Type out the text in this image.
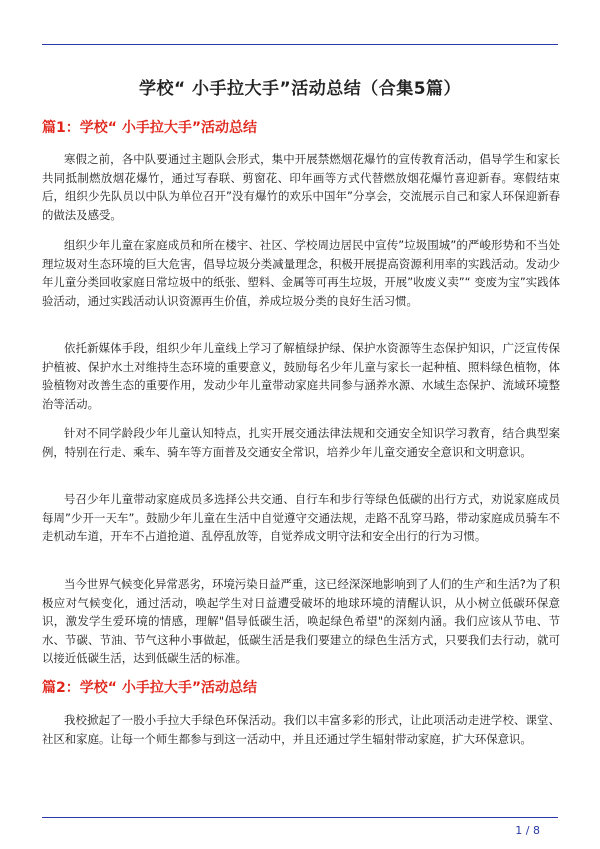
学校“ 小手拉大手”活动总结（合集5篇）
篇1：学校“ 小手拉大手”活动总结

寒假之前，各中队要通过主题队会形式，集中开展禁燃烟花爆竹的宣传教育活动，倡导学生和家长共同抵制燃放烟花爆竹，通过写春联、剪窗花、印年画等方式代替燃放烟花爆竹喜迎新春。寒假结束后，组织少先队员以中队为单位召开”没有爆竹的欢乐中国年”分享会，交流展示自己和家人环保迎新春的做法及感受。

组织少年儿童在家庭成员和所在楼宇、社区、学校周边居民中宣传”垃圾围城”的严峻形势和不当处理垃圾对生态环境的巨大危害，倡导垃圾分类减量理念，积极开展提高资源利用率的实践活动。发动少年儿童分类回收家庭日常垃圾中的纸张、塑料、金属等可再生垃圾，开展”收废义卖”“ 变废为宝”实践体验活动，通过实践活动认识资源再生价值，养成垃圾分类的良好生活习惯。

依托新媒体手段，组织少年儿童线上学习了解植绿护绿、保护水资源等生态保护知识，广泛宣传保护植被、保护水土对维持生态环境的重要意义，鼓励每名少年儿童与家长一起种植、照料绿色植物，体验植物对改善生态的重要作用，发动少年儿童带动家庭共同参与涵养水源、水域生态保护、流域环境整治等活动。

针对不同学龄段少年儿童认知特点，扎实开展交通法律法规和交通安全知识学习教育，结合典型案例，特别在行走、乘车、骑车等方面普及交通安全常识，培养少年儿童交通安全意识和文明意识。

号召少年儿童带动家庭成员多选择公共交通、自行车和步行等绿色低碳的出行方式，劝说家庭成员每周”少开一天车”。鼓励少年儿童在生活中自觉遵守交通法规，走路不乱穿马路，带动家庭成员骑车不走机动车道，开车不占道抢道、乱停乱放等，自觉养成文明守法和安全出行的行为习惯。

当今世界气候变化异常恶劣，环境污染日益严重，这已经深深地影响到了人们的生产和生活?为了积极应对气候变化，通过活动，唤起学生对日益遭受破坏的地球环境的清醒认识，从小树立低碳环保意识，激发学生爱环境的情感，理解"倡导低碳生活，唤起绿色希望"的深刻内涵。我们应该从节电、节水、节碳、节油、节气这种小事做起，低碳生活是我们要建立的绿色生活方式，只要我们去行动，就可以接近低碳生活，达到低碳生活的标准。

篇2：学校“ 小手拉大手”活动总结

我校掀起了一股小手拉大手绿色环保活动。我们以丰富多彩的形式，让此项活动走进学校、课堂、社区和家庭。让每一个师生都参与到这一活动中，并且还通过学生辐射带动家庭，扩大环保意识。

1 / 8
